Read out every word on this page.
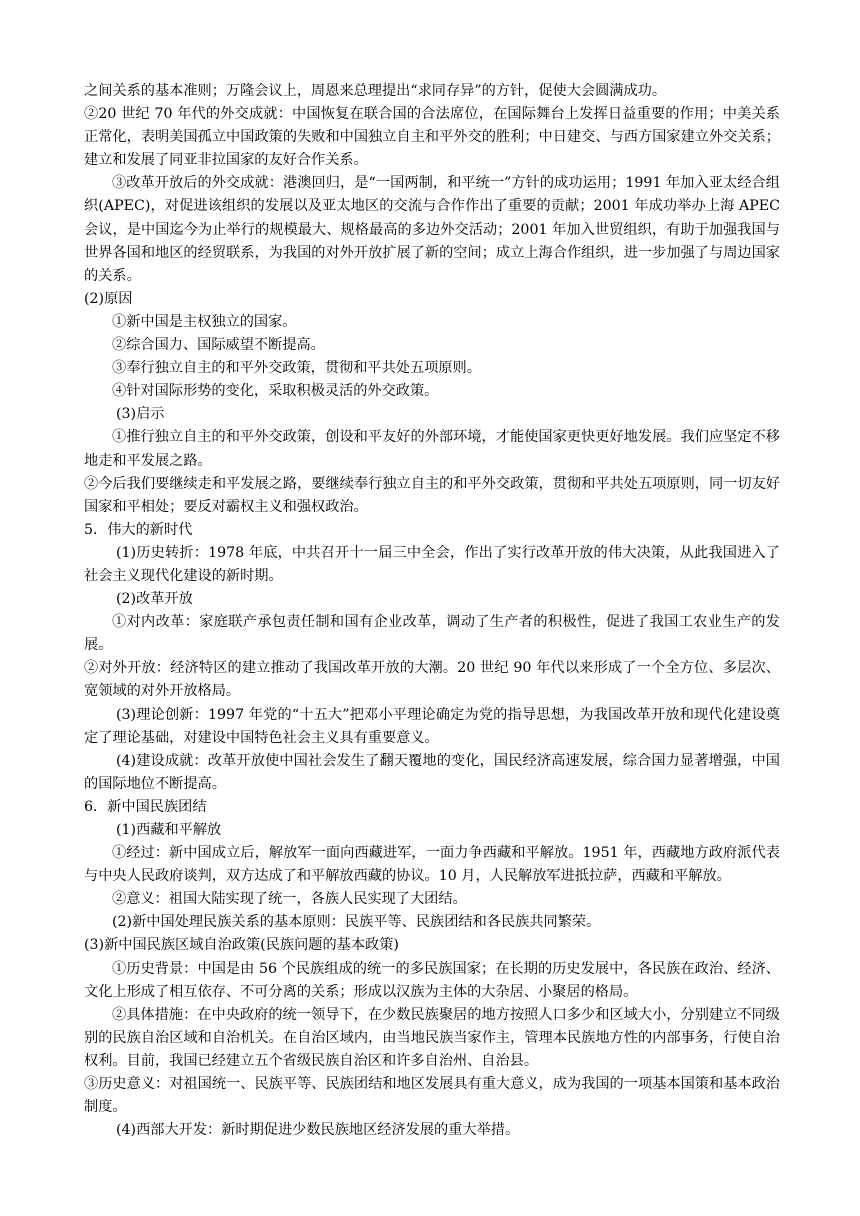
之间关系的基本准则；万隆会议上，周恩来总理提出“求同存异”的方针，促使大会圆满成功。

②20 世纪 70 年代的外交成就：中国恢复在联合国的合法席位，在国际舞台上发挥日益重要的作用；中美关系正常化，表明美国孤立中国政策的失败和中国独立自主和平外交的胜利；中日建交、与西方国家建立外交关系；建立和发展了同亚非拉国家的友好合作关系。

③改革开放后的外交成就：港澳回归，是“一国两制，和平统一”方针的成功运用；1991 年加入亚太经合组织(APEC)，对促进该组织的发展以及亚太地区的交流与合作作出了重要的贡献；2001 年成功举办上海 APEC 会议，是中国迄今为止举行的规模最大、规格最高的多边外交活动；2001 年加入世贸组织，有助于加强我国与世界各国和地区的经贸联系，为我国的对外开放扩展了新的空间；成立上海合作组织，进一步加强了与周边国家的关系。

(2)原因

①新中国是主权独立的国家。

②综合国力、国际威望不断提高。

③奉行独立自主的和平外交政策，贯彻和平共处五项原则。

④针对国际形势的变化，采取积极灵活的外交政策。

(3)启示

①推行独立自主的和平外交政策，创设和平友好的外部环境，才能使国家更快更好地发展。我们应坚定不移地走和平发展之路。

②今后我们要继续走和平发展之路，要继续奉行独立自主的和平外交政策，贯彻和平共处五项原则，同一切友好国家和平相处；要反对霸权主义和强权政治。

5．伟大的新时代

(1)历史转折：1978 年底，中共召开十一届三中全会，作出了实行改革开放的伟大决策，从此我国进入了社会主义现代化建设的新时期。

(2)改革开放

①对内改革：家庭联产承包责任制和国有企业改革，调动了生产者的积极性，促进了我国工农业生产的发展。

②对外开放：经济特区的建立推动了我国改革开放的大潮。20 世纪 90 年代以来形成了一个全方位、多层次、宽领域的对外开放格局。

(3)理论创新：1997 年党的“十五大”把邓小平理论确定为党的指导思想，为我国改革开放和现代化建设奠定了理论基础，对建设中国特色社会主义具有重要意义。

(4)建设成就：改革开放使中国社会发生了翻天覆地的变化，国民经济高速发展，综合国力显著增强，中国的国际地位不断提高。

6．新中国民族团结

(1)西藏和平解放

①经过：新中国成立后，解放军一面向西藏进军，一面力争西藏和平解放。1951 年，西藏地方政府派代表与中央人民政府谈判，双方达成了和平解放西藏的协议。10 月，人民解放军进抵拉萨，西藏和平解放。

②意义：祖国大陆实现了统一，各族人民实现了大团结。

(2)新中国处理民族关系的基本原则：民族平等、民族团结和各民族共同繁荣。

(3)新中国民族区域自治政策(民族问题的基本政策)

①历史背景：中国是由 56 个民族组成的统一的多民族国家；在长期的历史发展中，各民族在政治、经济、文化上形成了相互依存、不可分离的关系；形成以汉族为主体的大杂居、小聚居的格局。

②具体措施：在中央政府的统一领导下，在少数民族聚居的地方按照人口多少和区域大小，分别建立不同级别的民族自治区域和自治机关。在自治区域内，由当地民族当家作主，管理本民族地方性的内部事务，行使自治权利。目前，我国已经建立五个省级民族自治区和许多自治州、自治县。

③历史意义：对祖国统一、民族平等、民族团结和地区发展具有重大意义，成为我国的一项基本国策和基本政治制度。

(4)西部大开发：新时期促进少数民族地区经济发展的重大举措。
